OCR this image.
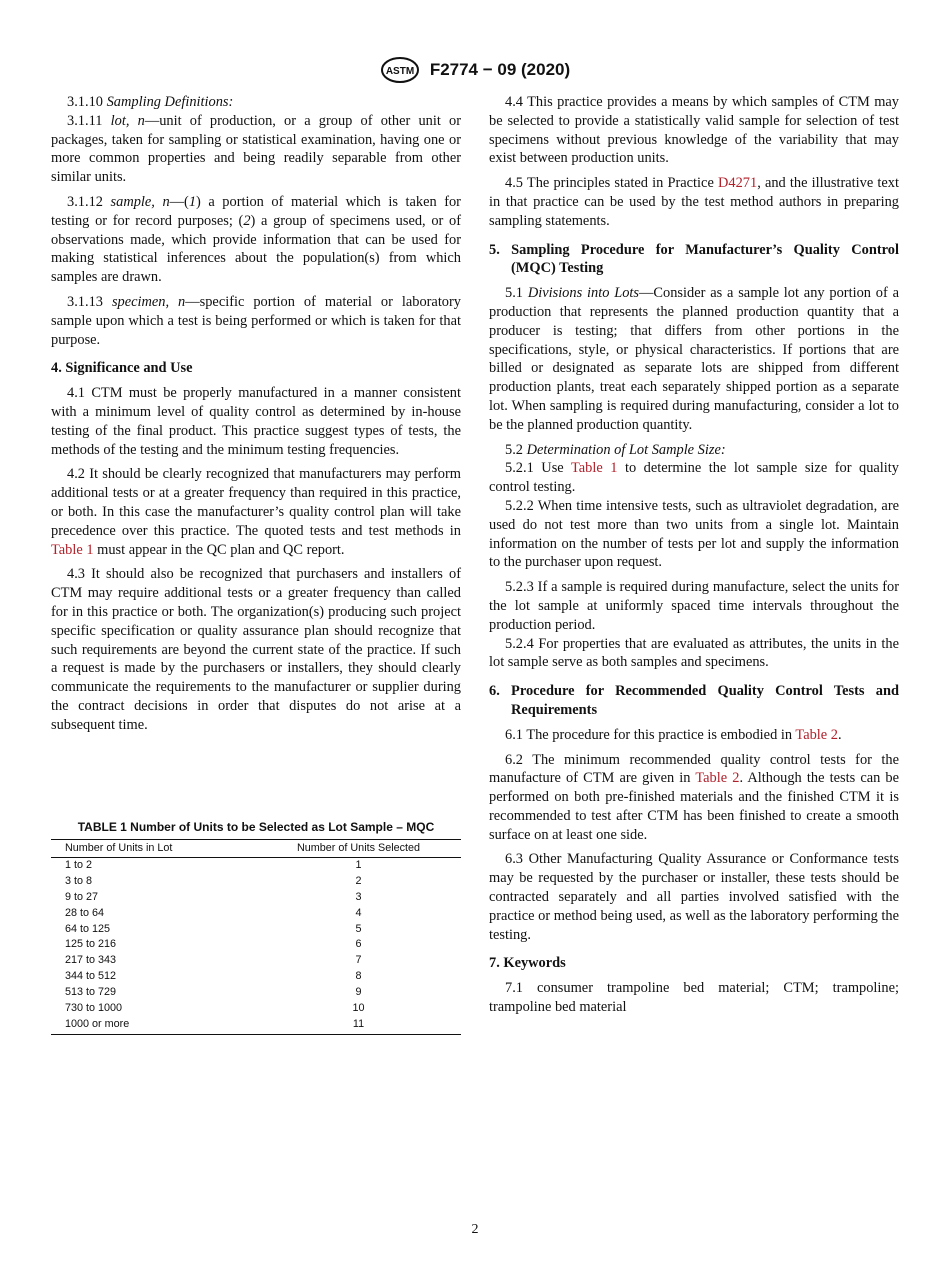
ASTM F2774 − 09 (2020)

3.1.10 Sampling Definitions:

3.1.11 lot, n—unit of production, or a group of other unit or packages, taken for sampling or statistical examination, having one or more common properties and being readily separable from other similar units.

3.1.12 sample, n—(1) a portion of material which is taken for testing or for record purposes; (2) a group of specimens used, or of observations made, which provide information that can be used for making statistical inferences about the population(s) from which samples are drawn.

3.1.13 specimen, n—specific portion of material or laboratory sample upon which a test is being performed or which is taken for that purpose.

4. Significance and Use

4.1 CTM must be properly manufactured in a manner consistent with a minimum level of quality control as determined by in-house testing of the final product. This practice suggest types of tests, the methods of the testing and the minimum testing frequencies.

4.2 It should be clearly recognized that manufacturers may perform additional tests or at a greater frequency than required in this practice, or both. In this case the manufacturer’s quality control plan will take precedence over this practice. The quoted tests and test methods in Table 1 must appear in the QC plan and QC report.

4.3 It should also be recognized that purchasers and installers of CTM may require additional tests or a greater frequency than called for in this practice or both. The organization(s) producing such project specific specification or quality assurance plan should recognize that such requirements are beyond the current state of the practice. If such a request is made by the purchasers or installers, they should clearly communicate the requirements to the manufacturer or supplier during the contract decisions in order that disputes do not arise at a subsequent time.

TABLE 1 Number of Units to be Selected as Lot Sample – MQC
Number of Units in Lot	Number of Units Selected
1 to 2	1
3 to 8	2
9 to 27	3
28 to 64	4
64 to 125	5
125 to 216	6
217 to 343	7
344 to 512	8
513 to 729	9
730 to 1000	10
1000 or more	11

4.4 This practice provides a means by which samples of CTM may be selected to provide a statistically valid sample for selection of test specimens without previous knowledge of the variability that may exist between production units.

4.5 The principles stated in Practice D4271, and the illustrative text in that practice can be used by the test method authors in preparing sampling statements.

5. Sampling Procedure for Manufacturer’s Quality Control (MQC) Testing

5.1 Divisions into Lots—Consider as a sample lot any portion of a production that represents the planned production quantity that a producer is testing; that differs from other portions in the specifications, style, or physical characteristics. If portions that are billed or designated as separate lots are shipped from different production plants, treat each separately shipped portion as a separate lot. When sampling is required during manufacturing, consider a lot to be the planned production quantity.

5.2 Determination of Lot Sample Size:

5.2.1 Use Table 1 to determine the lot sample size for quality control testing.

5.2.2 When time intensive tests, such as ultraviolet degradation, are used do not test more than two units from a single lot. Maintain information on the number of tests per lot and supply the information to the purchaser upon request.

5.2.3 If a sample is required during manufacture, select the units for the lot sample at uniformly spaced time intervals throughout the production period.

5.2.4 For properties that are evaluated as attributes, the units in the lot sample serve as both samples and specimens.

6. Procedure for Recommended Quality Control Tests and Requirements

6.1 The procedure for this practice is embodied in Table 2.

6.2 The minimum recommended quality control tests for the manufacture of CTM are given in Table 2. Although the tests can be performed on both pre-finished materials and the finished CTM it is recommended to test after CTM has been finished to create a smooth surface on at least one side.

6.3 Other Manufacturing Quality Assurance or Conformance tests may be requested by the purchaser or installer, these tests should be contracted separately and all parties involved satisfied with the practice or method being used, as well as the laboratory performing the testing.

7. Keywords

7.1 consumer trampoline bed material; CTM; trampoline; trampoline bed material

2
